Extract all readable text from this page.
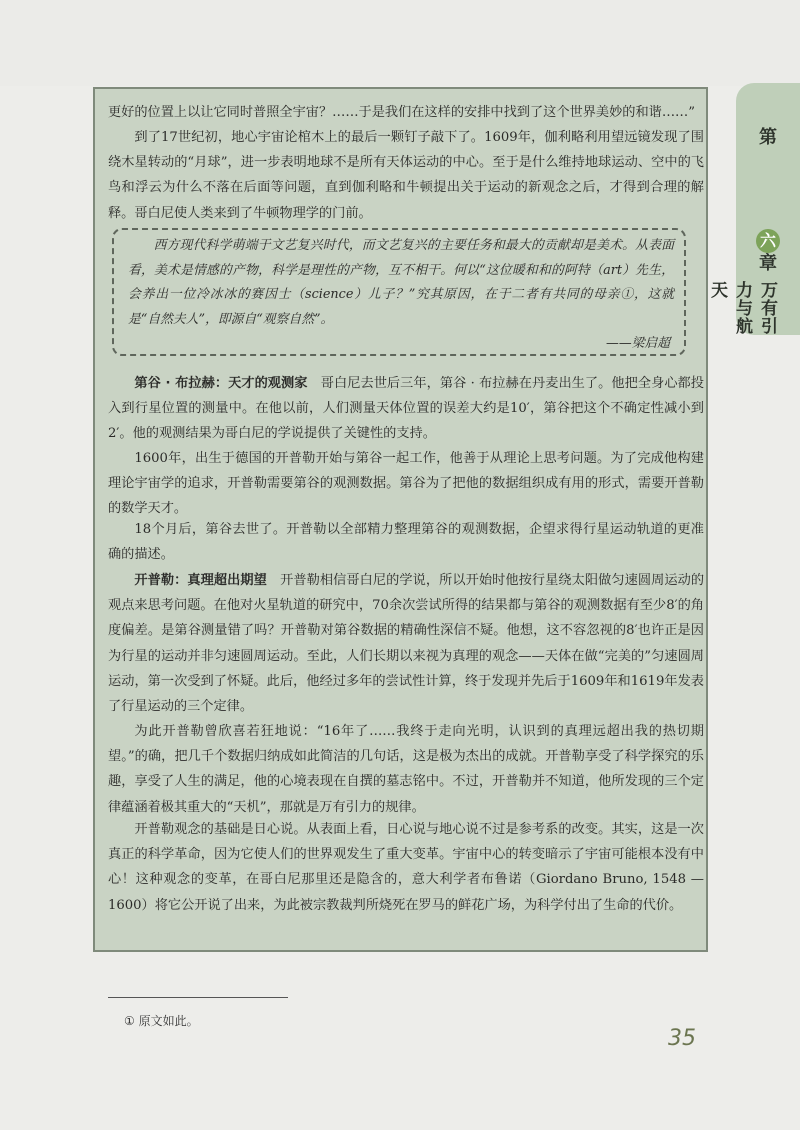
第
六
章
万有引力与航天

更好的位置上以让它同时普照全宇宙？……于是我们在这样的安排中找到了这个世界美妙的和谐……”

到了17世纪初，地心宇宙论棺木上的最后一颗钉子敲下了。1609年，伽利略利用望远镜发现了围绕木星转动的“月球”，进一步表明地球不是所有天体运动的中心。至于是什么维持地球运动、空中的飞鸟和浮云为什么不落在后面等问题，直到伽利略和牛顿提出关于运动的新观念之后，才得到合理的解释。哥白尼使人类来到了牛顿物理学的门前。

西方现代科学萌端于文艺复兴时代，而文艺复兴的主要任务和最大的贡献却是美术。从表面看，美术是情感的产物，科学是理性的产物，互不相干。何以“这位暖和和的阿特（art）先生，会养出一位冷冰冰的赛因士（science）儿子？”究其原因，在于二者有共同的母亲①，这就是“自然夫人”，即源自“观察自然”。

——梁启超

第谷 · 布拉赫：天才的观测家　哥白尼去世后三年，第谷 · 布拉赫在丹麦出生了。他把全身心都投入到行星位置的测量中。在他以前，人们测量天体位置的误差大约是10′，第谷把这个不确定性减小到2′。他的观测结果为哥白尼的学说提供了关键性的支持。

1600年，出生于德国的开普勒开始与第谷一起工作，他善于从理论上思考问题。为了完成他构建理论宇宙学的追求，开普勒需要第谷的观测数据。第谷为了把他的数据组织成有用的形式，需要开普勒的数学天才。

18个月后，第谷去世了。开普勒以全部精力整理第谷的观测数据，企望求得行星运动轨道的更准确的描述。

开普勒：真理超出期望　开普勒相信哥白尼的学说，所以开始时他按行星绕太阳做匀速圆周运动的观点来思考问题。在他对火星轨道的研究中，70余次尝试所得的结果都与第谷的观测数据有至少8′的角度偏差。是第谷测量错了吗？开普勒对第谷数据的精确性深信不疑。他想，这不容忽视的8′也许正是因为行星的运动并非匀速圆周运动。至此，人们长期以来视为真理的观念——天体在做“完美的”匀速圆周运动，第一次受到了怀疑。此后，他经过多年的尝试性计算，终于发现并先后于1609年和1619年发表了行星运动的三个定律。

为此开普勒曾欣喜若狂地说：“16年了……我终于走向光明，认识到的真理远超出我的热切期望。”的确，把几千个数据归纳成如此简洁的几句话，这是极为杰出的成就。开普勒享受了科学探究的乐趣，享受了人生的满足，他的心境表现在自撰的墓志铭中。不过，开普勒并不知道，他所发现的三个定律蕴涵着极其重大的“天机”，那就是万有引力的规律。

开普勒观念的基础是日心说。从表面上看，日心说与地心说不过是参考系的改变。其实，这是一次真正的科学革命，因为它使人们的世界观发生了重大变革。宇宙中心的转变暗示了宇宙可能根本没有中心！这种观念的变革，在哥白尼那里还是隐含的，意大利学者布鲁诺（Giordano Bruno, 1548 — 1600）将它公开说了出来，为此被宗教裁判所烧死在罗马的鲜花广场，为科学付出了生命的代价。

① 原文如此。

35
